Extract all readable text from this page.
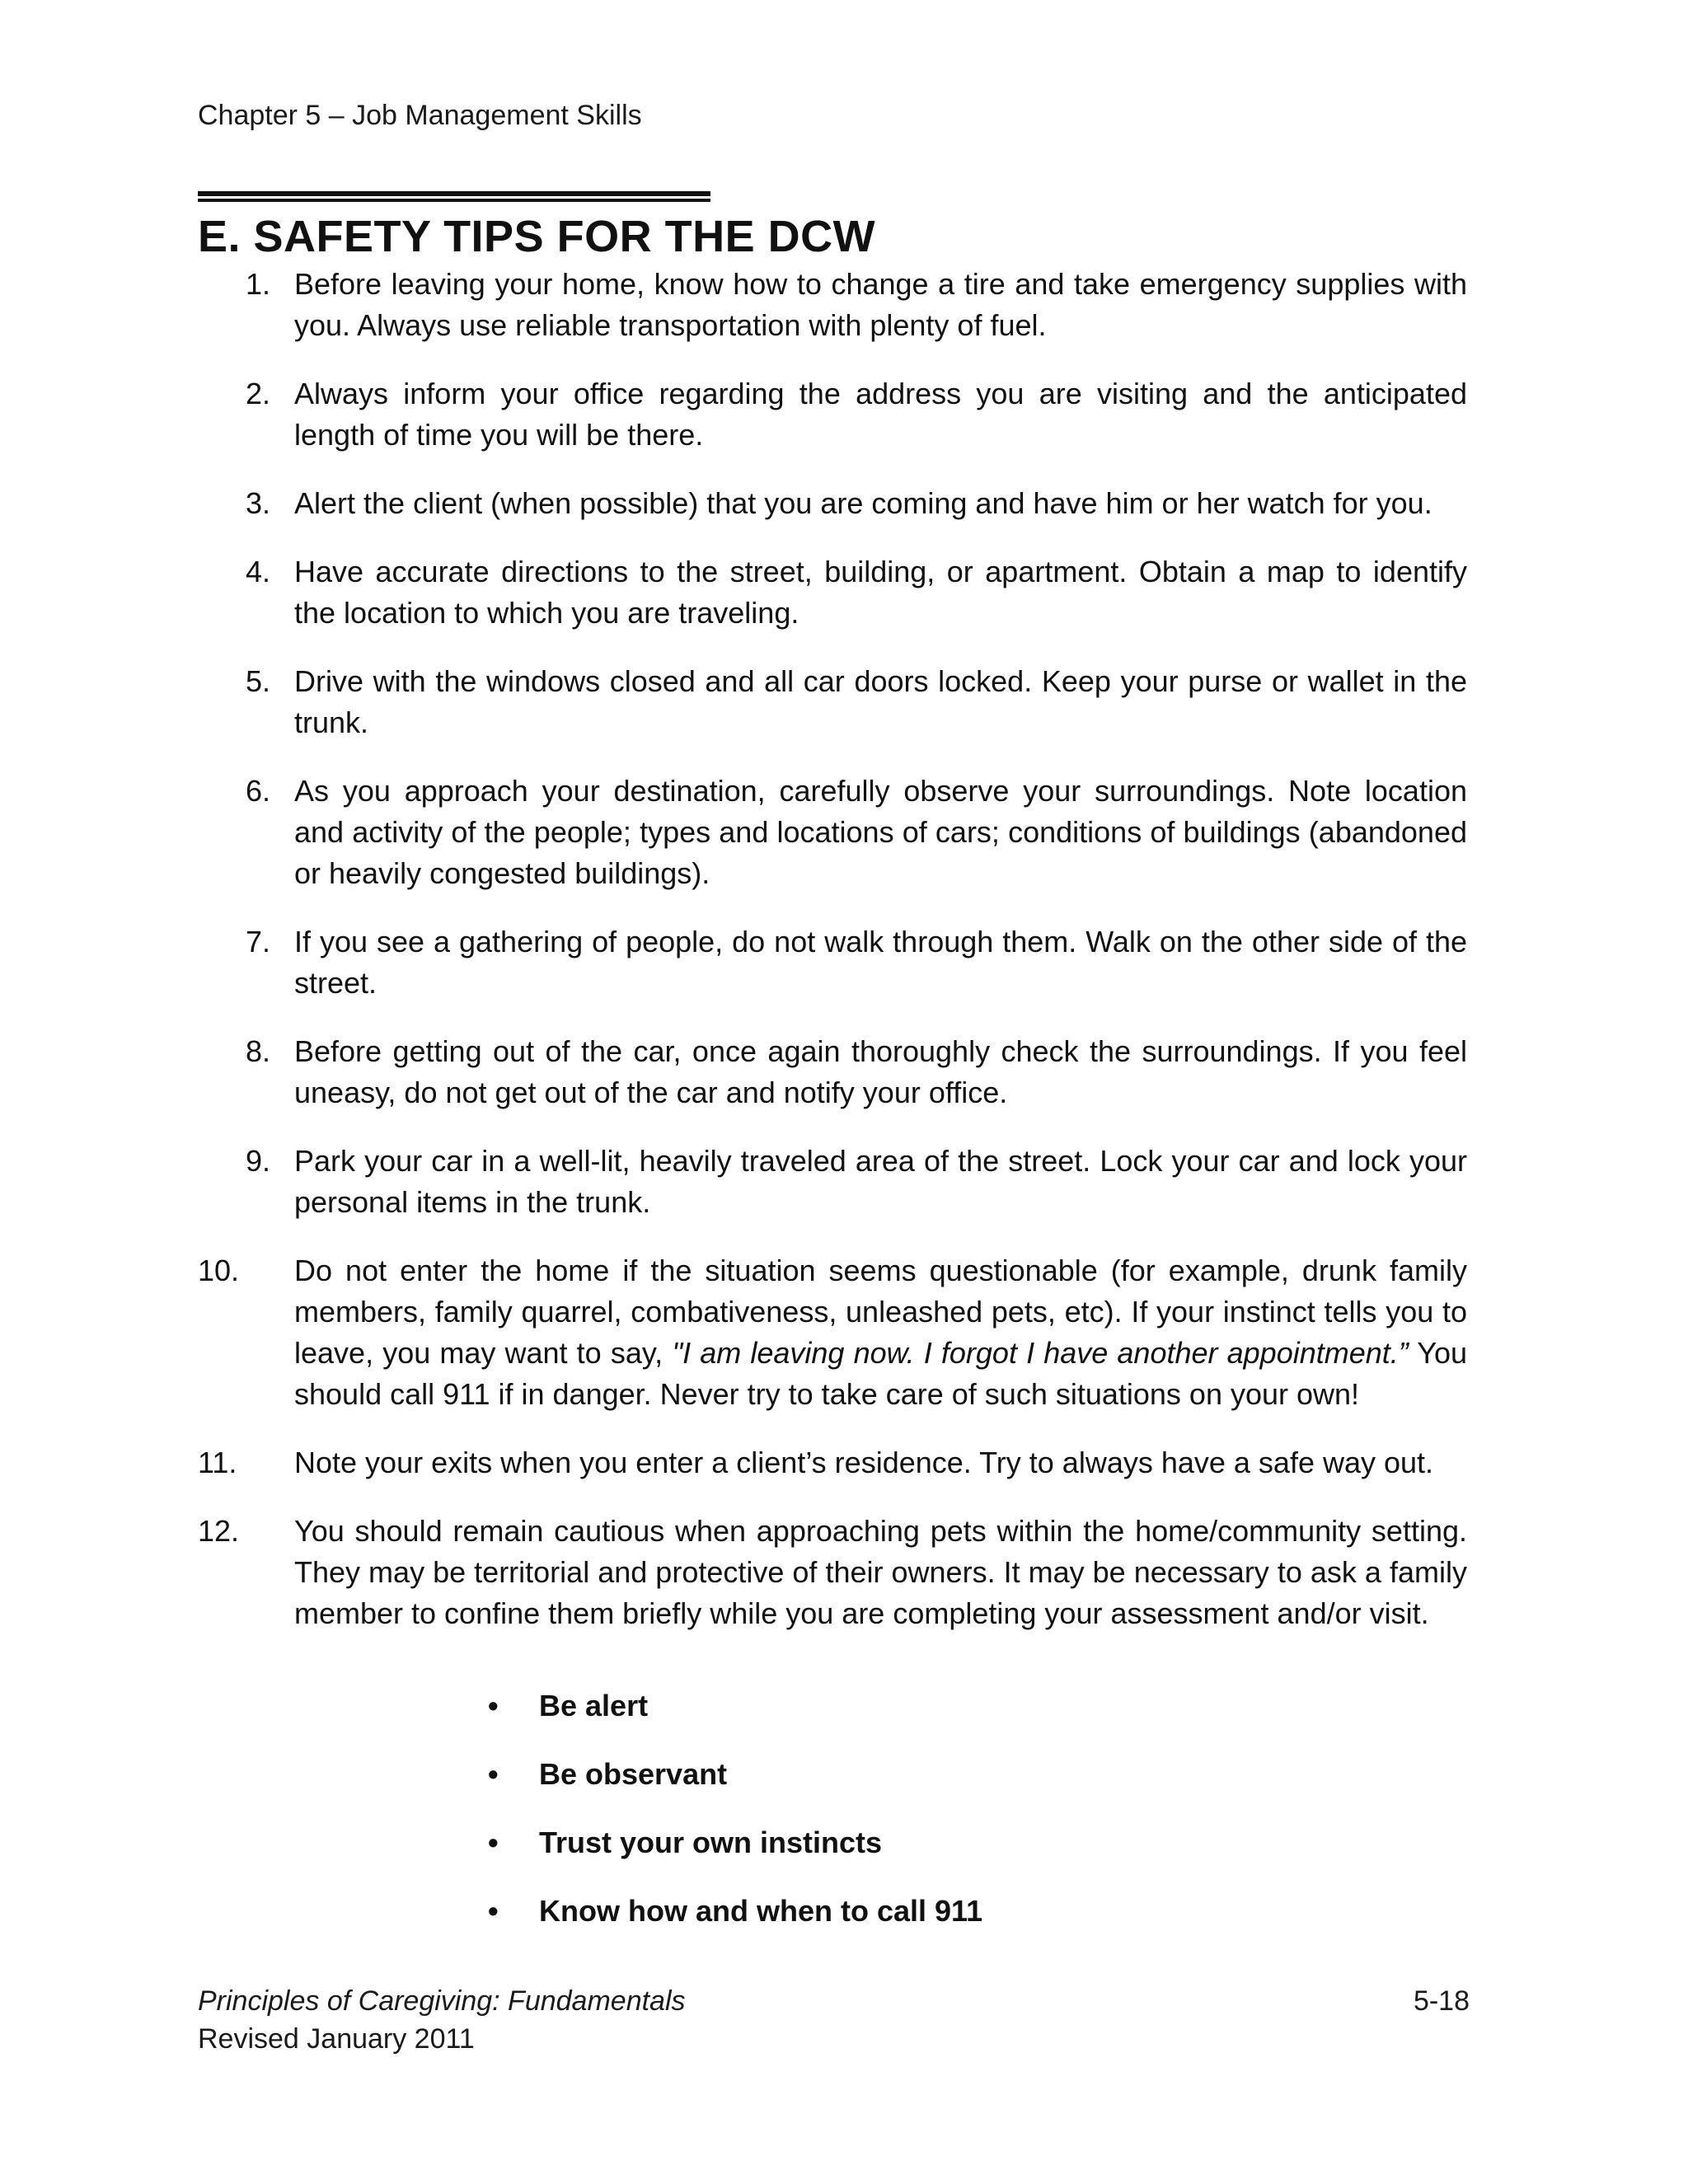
Chapter 5 – Job Management Skills
E. SAFETY TIPS FOR THE DCW
1. Before leaving your home, know how to change a tire and take emergency supplies with you. Always use reliable transportation with plenty of fuel.
2. Always inform your office regarding the address you are visiting and the anticipated length of time you will be there.
3. Alert the client (when possible) that you are coming and have him or her watch for you.
4. Have accurate directions to the street, building, or apartment. Obtain a map to identify the location to which you are traveling.
5. Drive with the windows closed and all car doors locked. Keep your purse or wallet in the trunk.
6. As you approach your destination, carefully observe your surroundings. Note location and activity of the people; types and locations of cars; conditions of buildings (abandoned or heavily congested buildings).
7. If you see a gathering of people, do not walk through them. Walk on the other side of the street.
8. Before getting out of the car, once again thoroughly check the surroundings. If you feel uneasy, do not get out of the car and notify your office.
9. Park your car in a well-lit, heavily traveled area of the street. Lock your car and lock your personal items in the trunk.
10. Do not enter the home if the situation seems questionable (for example, drunk family members, family quarrel, combativeness, unleashed pets, etc). If your instinct tells you to leave, you may want to say, "I am leaving now. I forgot I have another appointment.” You should call 911 if in danger. Never try to take care of such situations on your own!
11. Note your exits when you enter a client’s residence. Try to always have a safe way out.
12. You should remain cautious when approaching pets within the home/community setting. They may be territorial and protective of their owners. It may be necessary to ask a family member to confine them briefly while you are completing your assessment and/or visit.
• Be alert
• Be observant
• Trust your own instincts
• Know how and when to call 911
Principles of Caregiving: Fundamentals
Revised January 2011
5-18
